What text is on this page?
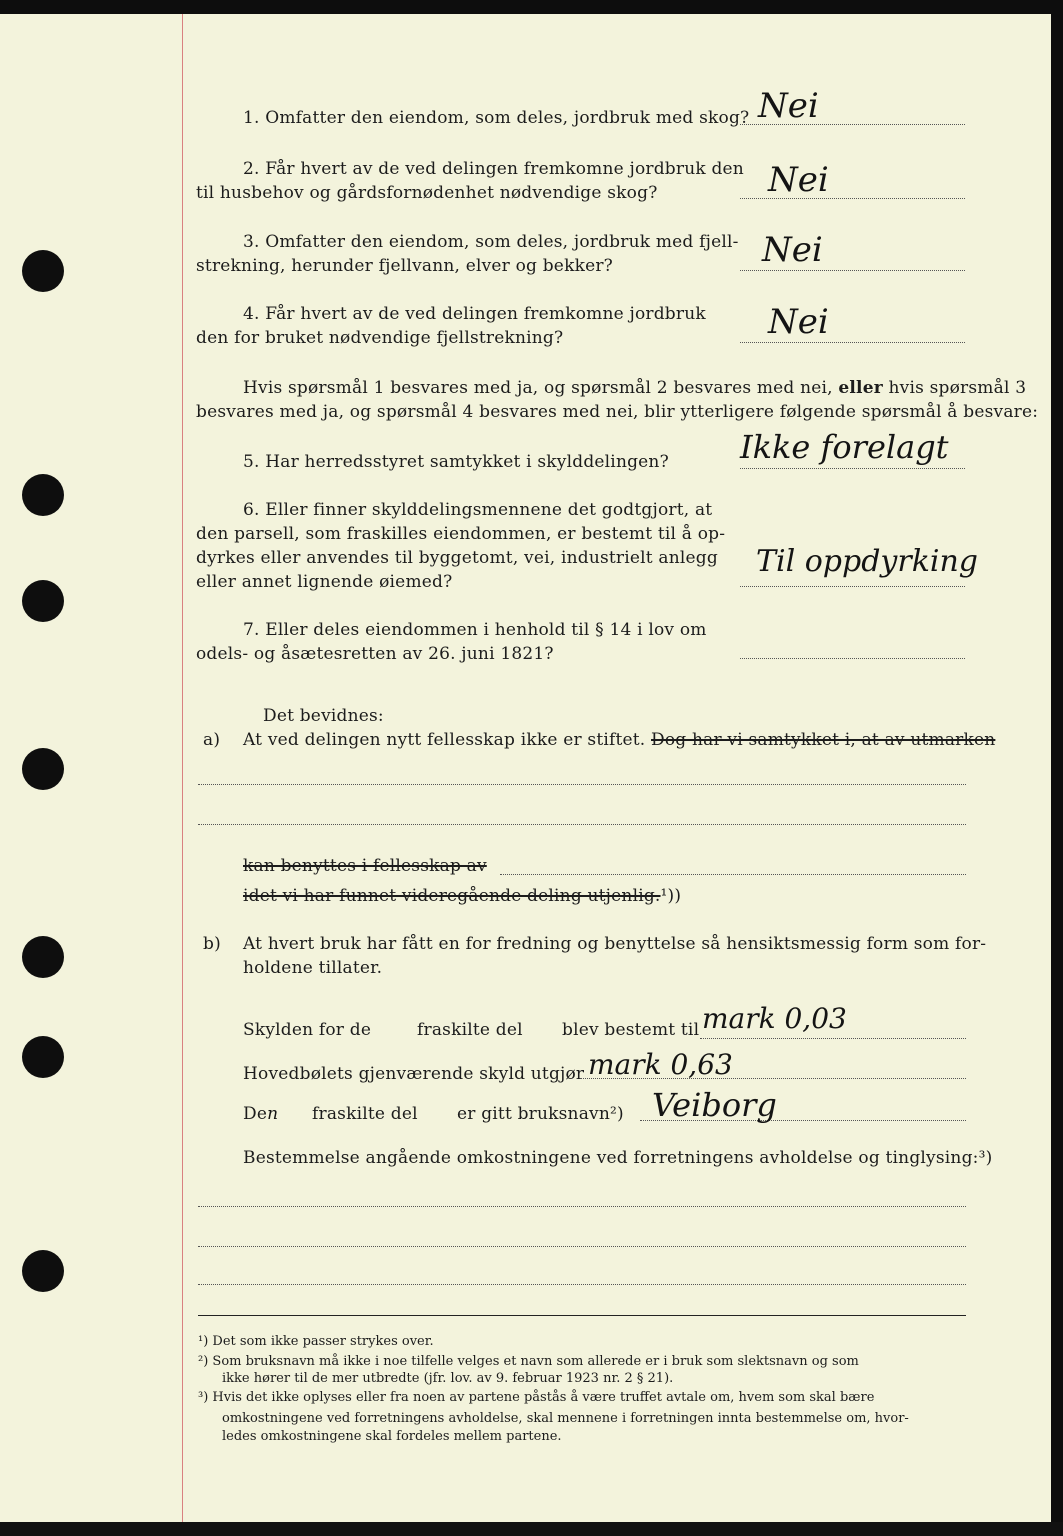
1. Omfatter den eiendom, som deles, jordbruk med skog? Nei
2. Får hvert av de ved delingen fremkomne jordbruk den
til husbehov og gårdsfornødenhet nødvendige skog?	Nei
3. Omfatter den eiendom, som deles, jordbruk med fjell-
strekning, herunder fjellvann, elver og bekker?	Nei
4. Får hvert av de ved delingen fremkomne jordbruk
den for bruket nødvendige fjellstrekning?	Nei
Hvis spørsmål 1 besvares med ja, og spørsmål 2 besvares med nei, eller hvis spørsmål 3
besvares med ja, og spørsmål 4 besvares med nei, blir ytterligere følgende spørsmål å besvare:
5. Har herredsstyret samtykket i skylddelingen? Ikke forelagt
6. Eller finner skylddelingsmennene det godtgjort, at
den parsell, som fraskilles eiendommen, er bestemt til å op-
dyrkes eller anvendes til byggetomt, vei, industrielt anlegg
eller annet lignende øiemed?
Til oppdyrking
7. Eller deles eiendommen i henhold til § 14 i lov om
odels- og åsætesretten av 26. juni 1821?
Det bevidnes:
a) At ved delingen nytt fellesskap ikke er stiftet. Dog har vi samtykket i, at av utmarken
kan benyttes i fellesskap av
idet vi har funnet videregående deling utjenlig.¹))
b) At hvert bruk har fått en for fredning og benyttelse så hensiktsmessig form som for-
holdene tillater.
Skylden for de	fraskilte del blev bestemt til mark 0,03
Hovedbølets gjenværende skyld utgjør mark 0,63
Den fraskilte del er gitt bruksnavn²) Veiborg
Bestemmelse angående omkostningene ved forretningens avholdelse og tinglysing:³)
¹) Det som ikke passer strykes over.
²) Som bruksnavn må ikke i noe tilfelle velges et navn som allerede er i bruk som slektsnavn og som
ikke hører til de mer utbredte (jfr. lov. av 9. februar 1923 nr. 2 § 21).
³) Hvis det ikke oplyses eller fra noen av partene påstås å være truffet avtale om, hvem som skal bære
omkostningene ved forretningens avholdelse, skal mennene i forretningen inntа bestemmelse om, hvor-
ledes omkostningene skal fordeles mellem partene.
